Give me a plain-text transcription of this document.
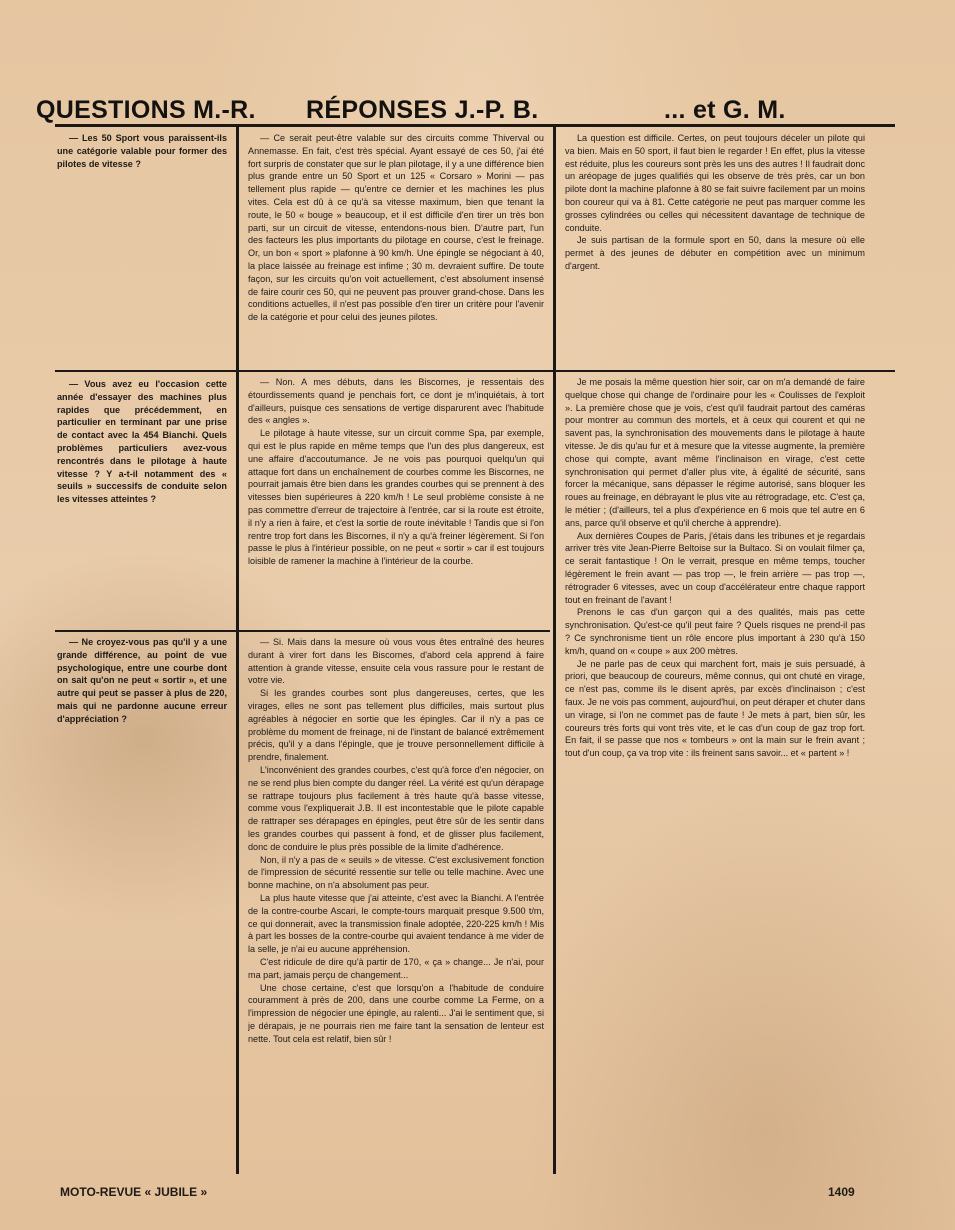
QUESTIONS M.-R. RÉPONSES J.-P. B.	... et G. M.

— Les 50 Sport vous paraissent-ils une catégorie valable pour former des pilotes de vitesse ?

— Ce serait peut-être valable sur des circuits comme Thiverval ou Annemasse. En fait, c'est très spécial. Ayant essayé de ces 50, j'ai été fort surpris de constater que sur le plan pilotage, il y a une différence bien plus grande entre un 50 Sport et un 125 « Corsaro » Morini — pas tellement plus rapide — qu'entre ce dernier et les machines les plus vites. Cela est dû à ce qu'à sa vitesse maximum, bien que tenant la route, le 50 « bouge » beaucoup, et il est difficile d'en tirer un très bon parti, sur un circuit de vitesse, entendons-nous bien. D'autre part, l'un des facteurs les plus importants du pilotage en course, c'est le freinage. Or, un bon « sport » plafonne à 90 km/h. Une épingle se négociant à 40, la place laissée au freinage est infime ; 30 m. devraient suffire. De toute façon, sur les circuits qu'on voit actuellement, c'est absolument insensé de faire courir ces 50, qui ne peuvent pas prouver grand-chose. Dans les conditions actuelles, il n'est pas possible d'en tirer un critère pour l'avenir de la catégorie et pour celui des jeunes pilotes.

La question est difficile. Certes, on peut toujours déceler un pilote qui va bien. Mais en 50 sport, il faut bien le regarder ! En effet, plus la vitesse est réduite, plus les coureurs sont près les uns des autres ! Il faudrait donc un aréopage de juges qualifiés qui les observe de très près, car un bon pilote dont la machine plafonne à 80 se fait suivre facilement par un moins bon coureur qui va à 81. Cette catégorie ne peut pas marquer comme les grosses cylindrées ou celles qui nécessitent davantage de technique de conduite.

Je suis partisan de la formule sport en 50, dans la mesure où elle permet à des jeunes de débuter en compétition avec un minimum d'argent.

— Vous avez eu l'occasion cette année d'essayer des machines plus rapides que précédemment, en particulier en terminant par une prise de contact avec la 454 Bianchi. Quels problèmes particuliers avez-vous rencontrés dans le pilotage à haute vitesse ? Y a-t-il notamment des « seuils » successifs de conduite selon les vitesses atteintes ?

— Non. A mes débuts, dans les Biscornes, je ressentais des étourdissements quand je penchais fort, ce dont je m'inquiétais, à tort d'ailleurs, puisque ces sensations de vertige disparurent avec l'habitude des « angles ».

Le pilotage à haute vitesse, sur un circuit comme Spa, par exemple, qui est le plus rapide en même temps que l'un des plus dangereux, est une affaire d'accoutumance. Je ne vois pas pourquoi quelqu'un qui attaque fort dans un enchaînement de courbes comme les Biscornes, ne pourrait jamais être bien dans les grandes courbes qui se prennent à des vitesses bien supérieures à 220 km/h ! Le seul problème consiste à ne pas commettre d'erreur de trajectoire à l'entrée, car si la route est étroite, il n'y a rien à faire, et c'est la sortie de route inévitable ! Tandis que si l'on rentre trop fort dans les Biscornes, il n'y a qu'à freiner légèrement. Si l'on passe le plus à l'intérieur possible, on ne peut « sortir » car il est toujours loisible de ramener la machine à l'intérieur de la courbe.

Je me posais la même question hier soir, car on m'a demandé de faire quelque chose qui change de l'ordinaire pour les « Coulisses de l'exploit ». La première chose que je vois, c'est qu'il faudrait partout des caméras pour montrer au commun des mortels, et à ceux qui courent et qui ne savent pas, la synchronisation des mouvements dans le pilotage à haute vitesse. Je dis qu'au fur et à mesure que la vitesse augmente, la première chose qui compte, avant même l'inclinaison en virage, c'est cette synchronisation qui permet d'aller plus vite, à égalité de sécurité, sans forcer la mécanique, sans dépasser le régime autorisé, sans bloquer les roues au freinage, en débrayant le plus vite au rétrogradage, etc. C'est ça, le métier ; (d'ailleurs, tel a plus d'expérience en 6 mois que tel autre en 6 ans, parce qu'il observe et qu'il cherche à apprendre).

Aux dernières Coupes de Paris, j'étais dans les tribunes et je regardais arriver très vite Jean-Pierre Beltoise sur la Bultaco. Si on voulait filmer ça, ce serait fantastique ! On le verrait, presque en même temps, toucher légèrement le frein avant — pas trop —, le frein arrière — pas trop —, rétrograder 6 vitesses, avec un coup d'accélérateur entre chaque rapport tout en freinant de l'avant !

Prenons le cas d'un garçon qui a des qualités, mais pas cette synchronisation. Qu'est-ce qu'il peut faire ? Quels risques ne prend-il pas ? Ce synchronisme tient un rôle encore plus important à 230 qu'à 150 km/h, quand on « coupe » aux 200 mètres.

Je ne parle pas de ceux qui marchent fort, mais je suis persuadé, à priori, que beaucoup de coureurs, même connus, qui ont chuté en virage, ce n'est pas, comme ils le disent après, par excès d'inclinaison ; c'est faux. Je ne vois pas comment, aujourd'hui, on peut déraper et chuter dans un virage, si l'on ne commet pas de faute ! Je mets à part, bien sûr, les coureurs très forts qui vont très vite, et le cas d'un coup de gaz trop fort. En fait, il se passe que nos « tombeurs » ont la main sur le frein avant ; tout d'un coup, ça va trop vite : ils freinent sans savoir... et « partent » !

— Ne croyez-vous pas qu'il y a une grande différence, au point de vue psychologique, entre une courbe dont on sait qu'on ne peut « sortir », et une autre qui peut se passer à plus de 220, mais qui ne pardonne aucune erreur d'appréciation ?

— Si. Mais dans la mesure où vous vous êtes entraîné des heures durant à virer fort dans les Biscornes, d'abord cela apprend à faire attention à grande vitesse, ensuite cela vous rassure pour le restant de votre vie.

Si les grandes courbes sont plus dangereuses, certes, que les virages, elles ne sont pas tellement plus difficiles, mais surtout plus agréables à négocier en sortie que les épingles. Car il n'y a pas ce problème du moment de freinage, ni de l'instant de balancé extrêmement précis, qu'il y a dans l'épingle, que je trouve personnellement difficile à prendre, finalement.

L'inconvénient des grandes courbes, c'est qu'à force d'en négocier, on ne se rend plus bien compte du danger réel. La vérité est qu'un dérapage se rattrape toujours plus facilement à très haute qu'à basse vitesse, comme vous l'expliquerait J.B. Il est incontestable que le pilote capable de rattraper ses dérapages en épingles, peut être sûr de les sentir dans les grandes courbes qui passent à fond, et de glisser plus facilement, donc de conduire le plus près possible de la limite d'adhérence.

Non, il n'y a pas de « seuils » de vitesse. C'est exclusivement fonction de l'impression de sécurité ressentie sur telle ou telle machine. Avec une bonne machine, on n'a absolument pas peur.

La plus haute vitesse que j'ai atteinte, c'est avec la Bianchi. A l'entrée de la contre-courbe Ascari, le compte-tours marquait presque 9.500 t/m, ce qui donnerait, avec la transmission finale adoptée, 220-225 km/h ! Mis à part les bosses de la contre-courbe qui avaient tendance à me vider de la selle, je n'ai eu aucune appréhension.

C'est ridicule de dire qu'à partir de 170, « ça » change... Je n'ai, pour ma part, jamais perçu de changement...

Une chose certaine, c'est que lorsqu'on a l'habitude de conduire couramment à près de 200, dans une courbe comme La Ferme, on a l'impression de négocier une épingle, au ralenti... J'ai le sentiment que, si je dérapais, je ne pourrais rien me faire tant la sensation de lenteur est nette. Tout cela est relatif, bien sûr !

MOTO-REVUE « JUBILE »	1409
